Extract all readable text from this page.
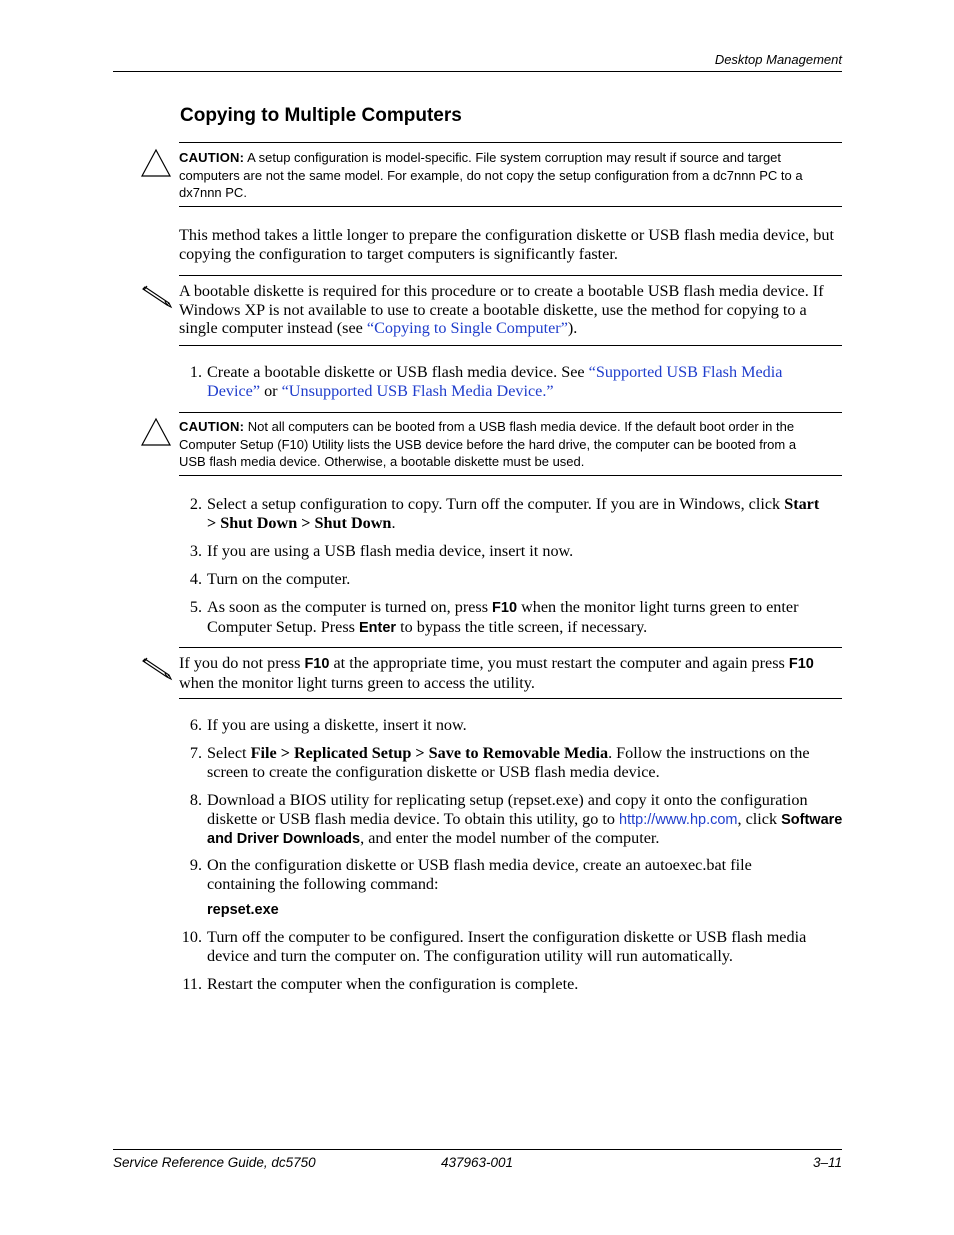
Desktop Management
Copying to Multiple Computers
CAUTION: A setup configuration is model-specific. File system corruption may result if source and target computers are not the same model. For example, do not copy the setup configuration from a dc7nnn PC to a dx7nnn PC.
This method takes a little longer to prepare the configuration diskette or USB flash media device, but copying the configuration to target computers is significantly faster.
A bootable diskette is required for this procedure or to create a bootable USB flash media device. If Windows XP is not available to use to create a bootable diskette, use the method for copying to a single computer instead (see “Copying to Single Computer”).
1. Create a bootable diskette or USB flash media device. See “Supported USB Flash Media Device” or “Unsupported USB Flash Media Device.”
CAUTION: Not all computers can be booted from a USB flash media device. If the default boot order in the Computer Setup (F10) Utility lists the USB device before the hard drive, the computer can be booted from a USB flash media device. Otherwise, a bootable diskette must be used.
2. Select a setup configuration to copy. Turn off the computer. If you are in Windows, click Start > Shut Down > Shut Down.
3. If you are using a USB flash media device, insert it now.
4. Turn on the computer.
5. As soon as the computer is turned on, press F10 when the monitor light turns green to enter Computer Setup. Press Enter to bypass the title screen, if necessary.
If you do not press F10 at the appropriate time, you must restart the computer and again press F10 when the monitor light turns green to access the utility.
6. If you are using a diskette, insert it now.
7. Select File > Replicated Setup > Save to Removable Media. Follow the instructions on the screen to create the configuration diskette or USB flash media device.
8. Download a BIOS utility for replicating setup (repset.exe) and copy it onto the configuration diskette or USB flash media device. To obtain this utility, go to http://www.hp.com, click Software and Driver Downloads, and enter the model number of the computer.
9. On the configuration diskette or USB flash media device, create an autoexec.bat file containing the following command:
repset.exe
10. Turn off the computer to be configured. Insert the configuration diskette or USB flash media device and turn the computer on. The configuration utility will run automatically.
11. Restart the computer when the configuration is complete.
Service Reference Guide, dc5750	437963-001	3–11
